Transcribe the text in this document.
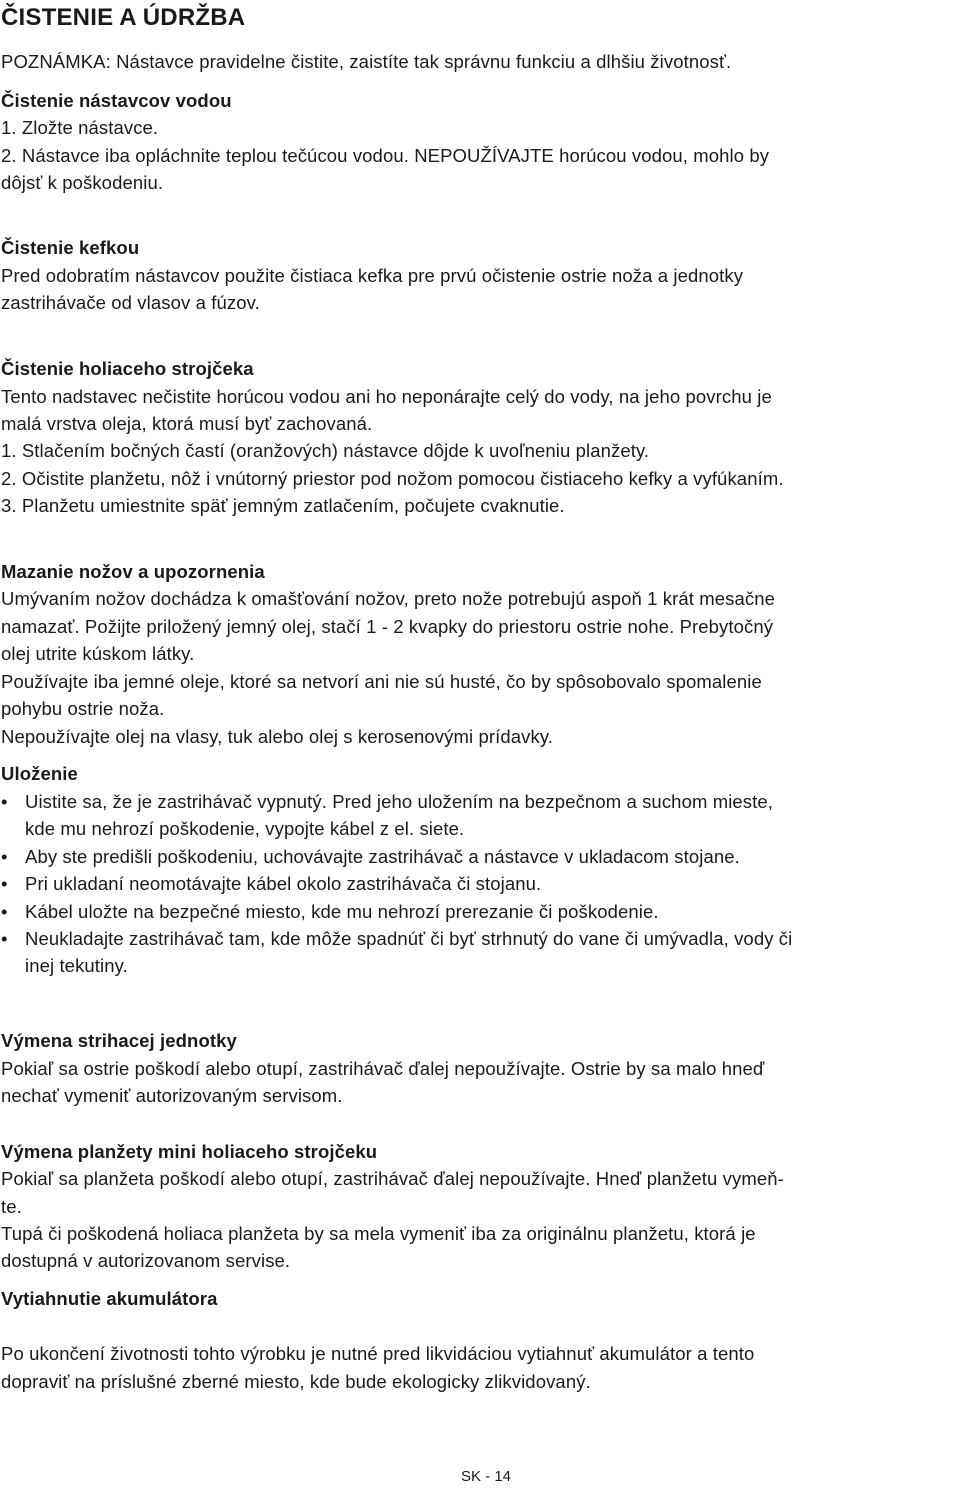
ČISTENIE A ÚDRŽBA
POZNÁMKA: Nástavce pravidelne čistite, zaistíte tak správnu funkciu a dlhšiu životnosť.
Čistenie nástavcov vodou
1. Zložte nástavce.
2. Nástavce iba opláchnite teplou tečúcou vodou. NEPOUŽÍVAJTE horúcou vodou, mohlo by
dôjsť k poškodeniu.
Čistenie kefkou
Pred odobratím nástavcov použite čistiaca kefka pre prvú očistenie ostrie noža a jednotky
zastrihávače od vlasov a fúzov.
Čistenie holiaceho strojčeka
Tento nadstavec nečistite horúcou vodou ani ho neponárajte celý do vody, na jeho povrchu je
malá vrstva oleja, ktorá musí byť zachovaná.
1. Stlačením bočných častí (oranžových) nástavce dôjde k uvoľneniu planžety.
2. Očistite planžetu, nôž i vnútorný priestor pod nožom pomocou čistiaceho kefky a vyfúkaním.
3. Planžetu umiestnite späť jemným zatlačením, počujete cvaknutie.
Mazanie nožov a upozornenia
Umývaním nožov dochádza k omašťování nožov, preto nože potrebujú aspoň 1 krát mesačne
namazať. Požijte priložený jemný olej, stačí 1 - 2 kvapky do priestoru ostrie nohe. Prebytočný
olej utrite kúskom látky.
Používajte iba jemné oleje, ktoré sa netvorí ani nie sú husté, čo by spôsobovalo spomalenie
pohybu ostrie noža.
Nepoužívajte olej na vlasy, tuk alebo olej s kerosenovými prídavky.
Uloženie
• Uistite sa, že je zastrihávač vypnutý. Pred jeho uložením na bezpečnom a suchom mieste,
kde mu nehrozí poškodenie, vypojte kábel z el. siete.
• Aby ste predišli poškodeniu, uchovávajte zastrihávač a nástavce v ukladacom stojane.
• Pri ukladaní neomotávajte kábel okolo zastrihávača či stojanu.
• Kábel uložte na bezpečné miesto, kde mu nehrozí prerezanie či poškodenie.
• Neukladajte zastrihávač tam, kde môže spadnúť či byť strhnutý do vane či umývadla, vody či
inej tekutiny.
Výmena strihacej jednotky
Pokiaľ sa ostrie poškodí alebo otupí, zastrihávač ďalej nepoužívajte. Ostrie by sa malo hneď
nechať vymeniť autorizovaným servisom.
Výmena planžety mini holiaceho strojčeku
Pokiaľ sa planžeta poškodí alebo otupí, zastrihávač ďalej nepoužívajte. Hneď planžetu vymeň-
te.
Tupá či poškodená holiaca planžeta by sa mela vymeniť iba za originálnu planžetu, ktorá je
dostupná v autorizovanom servise.
Vytiahnutie akumulátora
Po ukončení životnosti tohto výrobku je nutné pred likvidáciou vytiahnuť akumulátor a tento
dopraviť na príslušné zberné miesto, kde bude ekologicky zlikvidovaný.
SK - 14
